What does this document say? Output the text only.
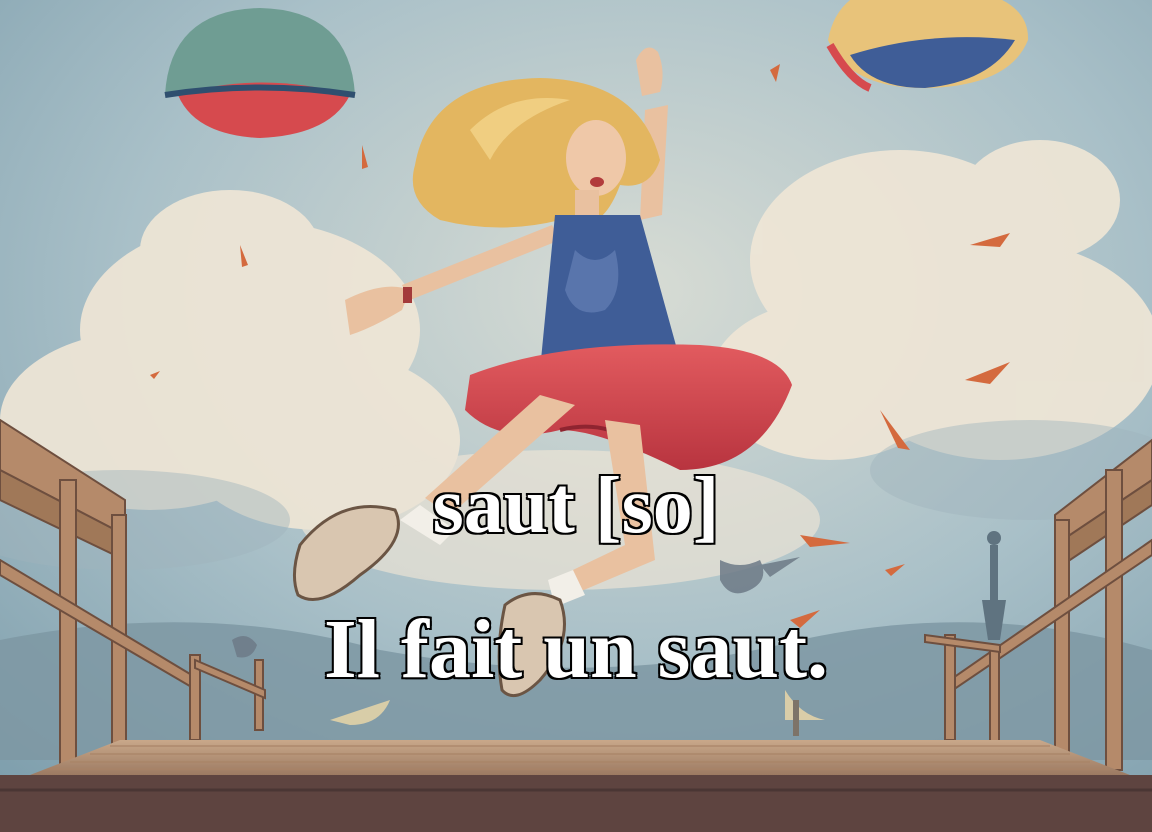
saut [so]
Il fait un saut.
